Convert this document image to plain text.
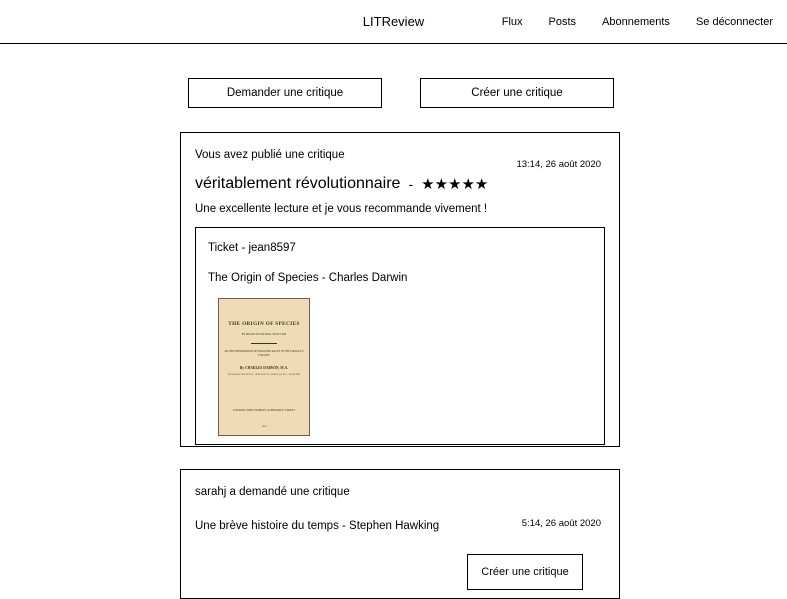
LITReview	Flux Posts Abonnements Se déconnecter
Demander une critique	Créer une critique
Vous avez publié une critique
13:14, 26 août 2020
véritablement révolutionnaire - ★★★★★
Une excellente lecture et je vous recommande vivement !
Ticket - jean8597
The Origin of Species - Charles Darwin
THE ORIGIN OF SPECIES
BY MEANS OF NATURAL SELECTION
OR THE PRESERVATION OF FAVOURED RACES IN THE STRUGGLE FOR LIFE
By CHARLES DARWIN, M.A.
FELLOW OF THE ROYAL, GEOLOGICAL, LINNÆAN, ETC., SOCIETIES
LONDON: JOHN MURRAY, ALBEMARLE STREET
1859
sarahj a demandé une critique
5:14, 26 août 2020
Une brève histoire du temps - Stephen Hawking
Créer une critique
